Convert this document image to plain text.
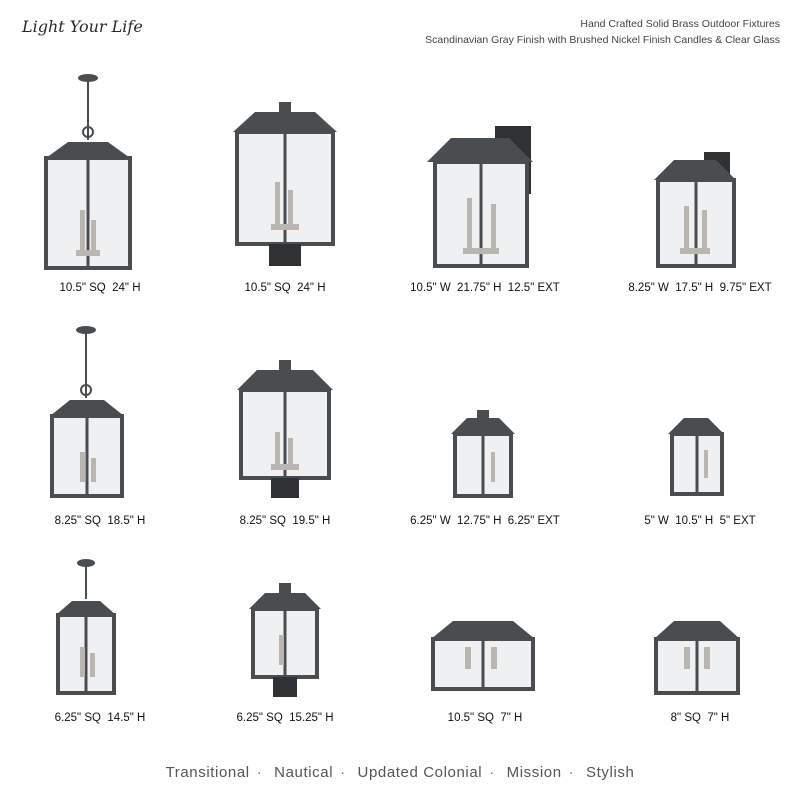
Light Your Life	Hand Crafted Solid Brass Outdoor Fixtures
Scandinavian Gray Finish with Brushed Nickel Finish Candles & Clear Glass
10.5" SQ  24" H	10.5" SQ  24" H	10.5" W  21.75" H  12.5" EXT	8.25" W  17.5" H  9.75" EXT
8.25" SQ  18.5" H	8.25" SQ  19.5" H	6.25" W  12.75" H  6.25" EXT	5" W  10.5" H  5" EXT
6.25" SQ  14.5" H	6.25" SQ  15.25" H	10.5" SQ  7" H	8" SQ  7" H
Transitional · Nautical · Updated Colonial · Mission · Stylish
